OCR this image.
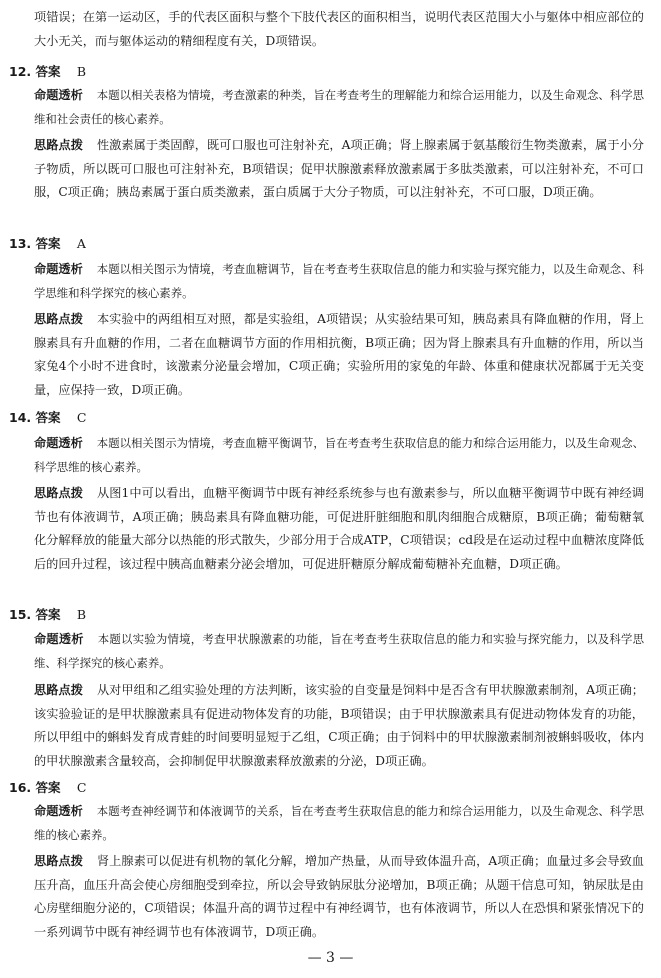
项错误；在第一运动区，手的代表区面积与整个下肢代表区的面积相当，说明代表区范围大小与躯体中相应部位的大小无关，而与躯体运动的精细程度有关，D项错误。

12. 答案 B

命题透析 本题以相关表格为情境，考查激素的种类，旨在考查考生的理解能力和综合运用能力，以及生命观念、科学思维和社会责任的核心素养。

思路点拨 性激素属于类固醇，既可口服也可注射补充，A项正确；肾上腺素属于氨基酸衍生物类激素，属于小分子物质，所以既可口服也可注射补充，B项错误；促甲状腺激素释放激素属于多肽类激素，可以注射补充，不可口服，C项正确；胰岛素属于蛋白质类激素，蛋白质属于大分子物质，可以注射补充，不可口服，D项正确。

13. 答案 A

命题透析 本题以相关图示为情境，考查血糖调节，旨在考查考生获取信息的能力和实验与探究能力，以及生命观念、科学思维和科学探究的核心素养。

思路点拨 本实验中的两组相互对照，都是实验组，A项错误；从实验结果可知，胰岛素具有降血糖的作用，肾上腺素具有升血糖的作用，二者在血糖调节方面的作用相抗衡，B项正确；因为肾上腺素具有升血糖的作用，所以当家兔4个小时不进食时，该激素分泌量会增加，C项正确；实验所用的家兔的年龄、体重和健康状况都属于无关变量，应保持一致，D项正确。

14. 答案 C

命题透析 本题以相关图示为情境，考查血糖平衡调节，旨在考查考生获取信息的能力和综合运用能力，以及生命观念、科学思维的核心素养。

思路点拨 从图1中可以看出，血糖平衡调节中既有神经系统参与也有激素参与，所以血糖平衡调节中既有神经调节也有体液调节，A项正确；胰岛素具有降血糖功能，可促进肝脏细胞和肌肉细胞合成糖原，B项正确；葡萄糖氧化分解释放的能量大部分以热能的形式散失，少部分用于合成ATP，C项错误；cd段是在运动过程中血糖浓度降低后的回升过程，该过程中胰高血糖素分泌会增加，可促进肝糖原分解成葡萄糖补充血糖，D项正确。

15. 答案 B

命题透析 本题以实验为情境，考查甲状腺激素的功能，旨在考查考生获取信息的能力和实验与探究能力，以及科学思维、科学探究的核心素养。

思路点拨 从对甲组和乙组实验处理的方法判断，该实验的自变量是饲料中是否含有甲状腺激素制剂，A项正确；该实验验证的是甲状腺激素具有促进动物体发育的功能，B项错误；由于甲状腺激素具有促进动物体发育的功能，所以甲组中的蝌蚪发育成青蛙的时间要明显短于乙组，C项正确；由于饲料中的甲状腺激素制剂被蝌蚪吸收，体内的甲状腺激素含量较高，会抑制促甲状腺激素释放激素的分泌，D项正确。

16. 答案 C

命题透析 本题考查神经调节和体液调节的关系，旨在考查考生获取信息的能力和综合运用能力，以及生命观念、科学思维的核心素养。

思路点拨 肾上腺素可以促进有机物的氧化分解，增加产热量，从而导致体温升高，A项正确；血量过多会导致血压升高，血压升高会使心房细胞受到牵拉，所以会导致钠尿肽分泌增加，B项正确；从题干信息可知，钠尿肽是由心房壁细胞分泌的，C项错误；体温升高的调节过程中有神经调节，也有体液调节，所以人在恐惧和紧张情况下的一系列调节中既有神经调节也有体液调节，D项正确。

— 3 —
